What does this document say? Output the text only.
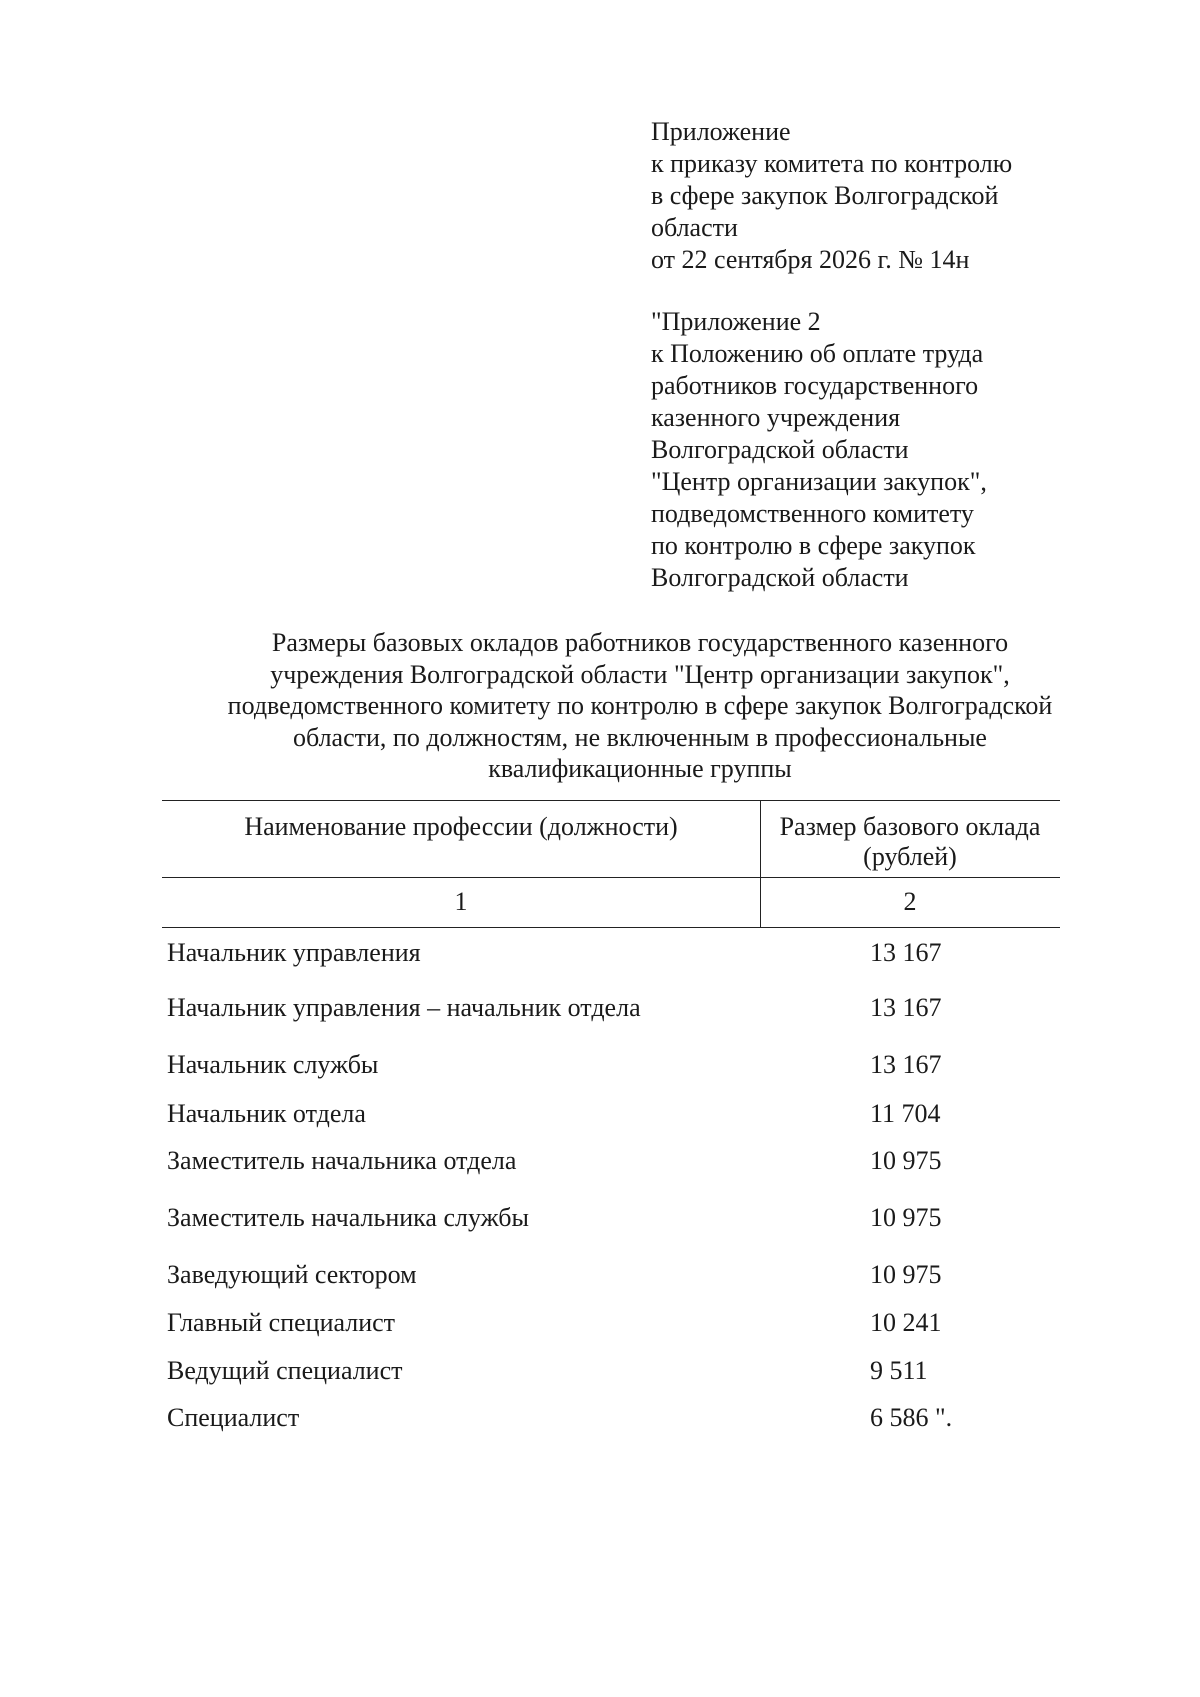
Приложение
к приказу комитета по контролю
в сфере закупок Волгоградской
области
от 22 сентября 2026 г. № 14н
"Приложение 2
к Положению об оплате труда
работников государственного
казенного учреждения
Волгоградской области
"Центр организации закупок",
подведомственного комитету
по контролю в сфере закупок
Волгоградской области
Размеры базовых окладов работников государственного казенного
учреждения Волгоградской области "Центр организации закупок",
подведомственного комитету по контролю в сфере закупок Волгоградской
области, по должностям, не включенным в профессиональные
квалификационные группы
Наименование профессии (должности)	Размер базового оклада
(рублей)
1	2
Начальник управления	13 167
Начальник управления – начальник отдела	13 167
Начальник службы	13 167
Начальник отдела	11 704
Заместитель начальника отдела	10 975
Заместитель начальника службы	10 975
Заведующий сектором	10 975
Главный специалист	10 241
Ведущий специалист	9 511
Специалист	6 586 ".
